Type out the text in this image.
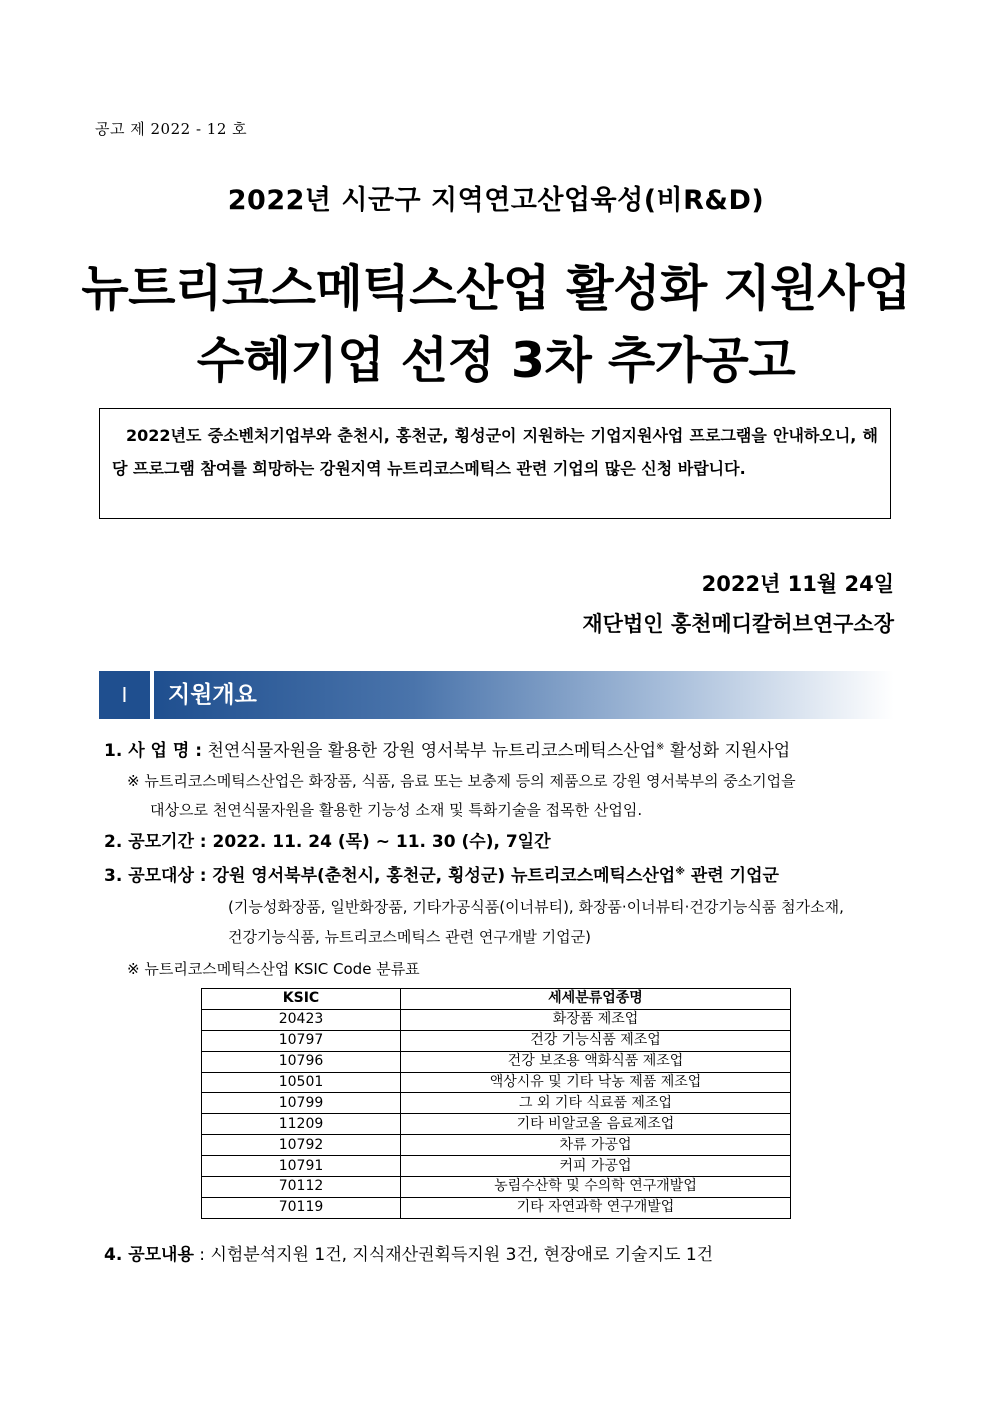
공고 제 2022 - 12 호
2022년 시군구 지역연고산업육성(비R&D)
뉴트리코스메틱스산업 활성화 지원사업
수혜기업 선정 3차 추가공고
2022년도 중소벤처기업부와 춘천시, 홍천군, 횡성군이 지원하는 기업지원사업 프로그램을 안내하오니, 해당 프로그램 참여를 희망하는 강원지역 뉴트리코스메틱스 관련 기업의 많은 신청 바랍니다.
2022년 11월 24일
재단법인 홍천메디칼허브연구소장
Ⅰ	지원개요
1. 사 업 명 : 천연식물자원을 활용한 강원 영서북부 뉴트리코스메틱스산업※ 활성화 지원사업
※ 뉴트리코스메틱스산업은 화장품, 식품, 음료 또는 보충제 등의 제품으로 강원 영서북부의 중소기업을
대상으로 천연식물자원을 활용한 기능성 소재 및 특화기술을 접목한 산업임.
2. 공모기간 : 2022. 11. 24 (목) ~ 11. 30 (수), 7일간
3. 공모대상 : 강원 영서북부(춘천시, 홍천군, 횡성군) 뉴트리코스메틱스산업※ 관련 기업군
(기능성화장품, 일반화장품, 기타가공식품(이너뷰티), 화장품·이너뷰티·건강기능식품 첨가소재,
건강기능식품, 뉴트리코스메틱스 관련 연구개발 기업군)
※ 뉴트리코스메틱스산업 KSIC Code 분류표
KSIC	세세분류업종명
20423	화장품 제조업
10797	건강 기능식품 제조업
10796	건강 보조용 액화식품 제조업
10501	액상시유 및 기타 낙농 제품 제조업
10799	그 외 기타 식료품 제조업
11209	기타 비알코올 음료제조업
10792	차류 가공업
10791	커피 가공업
70112	농림수산학 및 수의학 연구개발업
70119	기타 자연과학 연구개발업
4. 공모내용 : 시험분석지원 1건, 지식재산권획득지원 3건, 현장애로 기술지도 1건
